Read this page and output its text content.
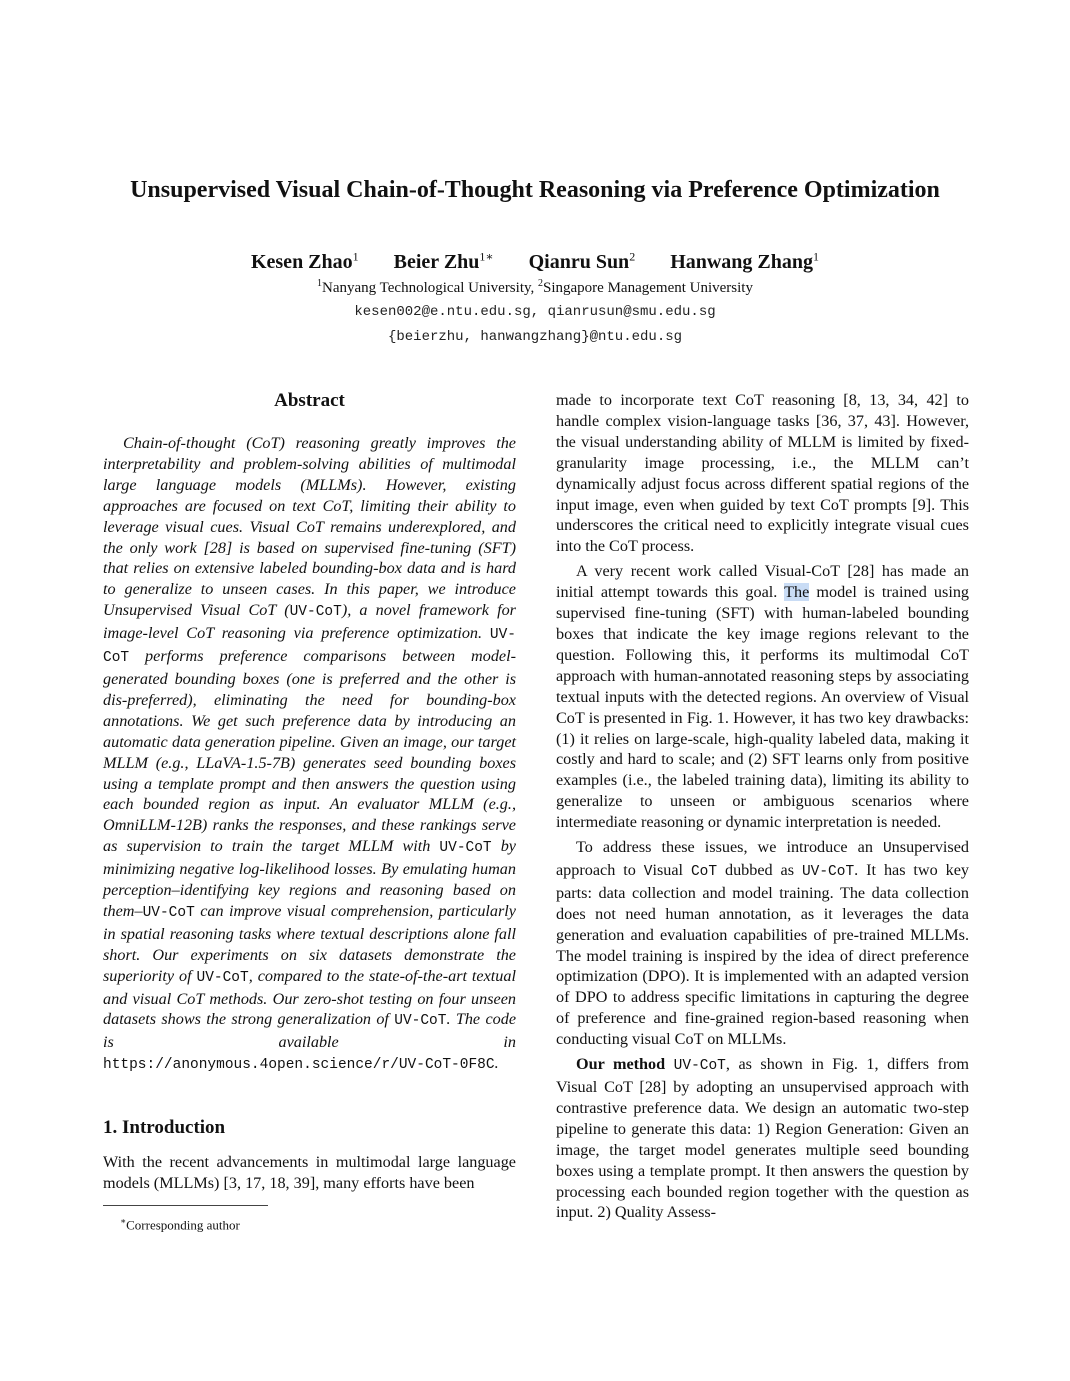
Unsupervised Visual Chain-of-Thought Reasoning via Preference Optimization
Kesen Zhao$^1$ Beier Zhu$^{1∗}$ Qianru Sun$^2$ Hanwang Zhang$^1$
$^1$Nanyang Technological University, $^2$Singapore Management University
kesen002@e.ntu.edu.sg, qianrusun@smu.edu.sg
{beierzhu, hanwangzhang}@ntu.edu.sg
Abstract

Chain-of-thought (CoT) reasoning greatly improves the interpretability and problem-solving abilities of multimodal large language models (MLLMs). However, existing approaches are focused on text CoT, limiting their ability to leverage visual cues. Visual CoT remains underexplored, and the only work [28] is based on supervised fine-tuning (SFT) that relies on extensive labeled bounding-box data and is hard to generalize to unseen cases. In this paper, we introduce Unsupervised Visual CoT (UV-CoT), a novel framework for image-level CoT reasoning via preference optimization. UV-CoT performs preference comparisons between model-generated bounding boxes (one is preferred and the other is dis-preferred), eliminating the need for bounding-box annotations. We get such preference data by introducing an automatic data generation pipeline. Given an image, our target MLLM (e.g., LLaVA-1.5-7B) generates seed bounding boxes using a template prompt and then answers the question using each bounded region as input. An evaluator MLLM (e.g., OmniLLM-12B) ranks the responses, and these rankings serve as supervision to train the target MLLM with UV-CoT by minimizing negative log-likelihood losses. By emulating human perception–identifying key regions and reasoning based on them–UV-CoT can improve visual comprehension, particularly in spatial reasoning tasks where textual descriptions alone fall short. Our experiments on six datasets demonstrate the superiority of UV-CoT, compared to the state-of-the-art textual and visual CoT methods. Our zero-shot testing on four unseen datasets shows the strong generalization of UV-CoT. The code is available in https://anonymous.4open.science/r/UV-CoT-0F8C.

1. Introduction

With the recent advancements in multimodal large language models (MLLMs) [3, 17, 18, 39], many efforts have been

∗Corresponding author

made to incorporate text CoT reasoning [8, 13, 34, 42] to handle complex vision-language tasks [36, 37, 43]. However, the visual understanding ability of MLLM is limited by fixed-granularity image processing, i.e., the MLLM can’t dynamically adjust focus across different spatial regions of the input image, even when guided by text CoT prompts [9]. This underscores the critical need to explicitly integrate visual cues into the CoT process.

A very recent work called Visual-CoT [28] has made an initial attempt towards this goal. The model is trained using supervised fine-tuning (SFT) with human-labeled bounding boxes that indicate the key image regions relevant to the question. Following this, it performs its multimodal CoT approach with human-annotated reasoning steps by associating textual inputs with the detected regions. An overview of Visual CoT is presented in Fig. 1. However, it has two key drawbacks: (1) it relies on large-scale, high-quality labeled data, making it costly and hard to scale; and (2) SFT learns only from positive examples (i.e., the labeled training data), limiting its ability to generalize to unseen or ambiguous scenarios where intermediate reasoning or dynamic interpretation is needed.

To address these issues, we introduce an Unsupervised approach to Visual CoT dubbed as UV-CoT. It has two key parts: data collection and model training. The data collection does not need human annotation, as it leverages the data generation and evaluation capabilities of pre-trained MLLMs. The model training is inspired by the idea of direct preference optimization (DPO). It is implemented with an adapted version of DPO to address specific limitations in capturing the degree of preference and fine-grained region-based reasoning when conducting visual CoT on MLLMs.

Our method UV-CoT, as shown in Fig. 1, differs from Visual CoT [28] by adopting an unsupervised approach with contrastive preference data. We design an automatic two-step pipeline to generate this data: 1) Region Generation: Given an image, the target model generates multiple seed bounding boxes using a template prompt. It then answers the question by processing each bounded region together with the question as input. 2) Quality Assess-
